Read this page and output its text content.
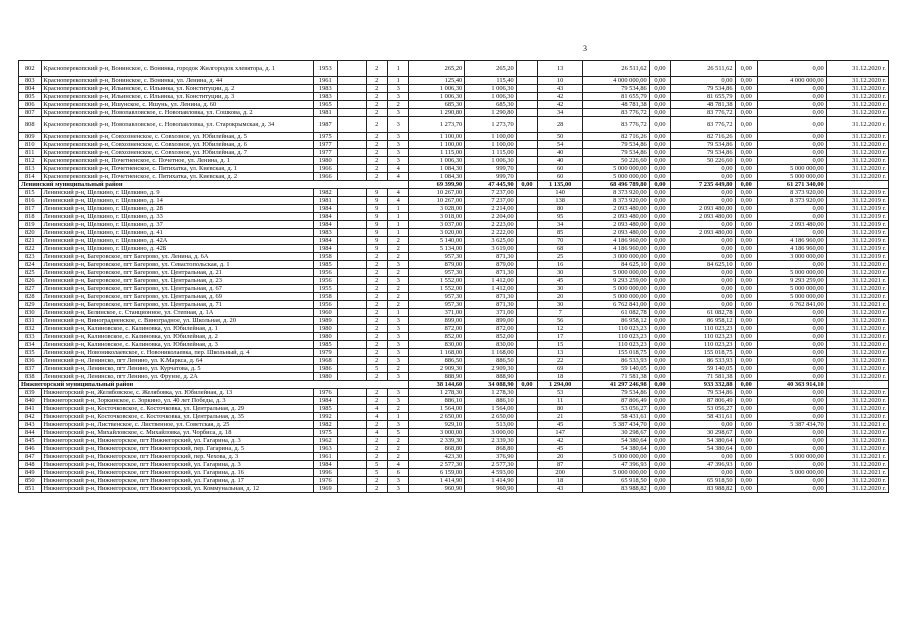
3
802	Красноперекопский р-н, Вонинское, с. Вонинка, городок Жилгородок хлевятора, д. 1	1953		2	1	265,20	265,20		13	26 511,62	0,00	26 511,62	0,00	0,00	31.12.2020 г.
803	Красноперекопский р-н, Вонинское, с. Вонинка, ул. Ленина, д. 44	1961		2	1	125,40	115,40		10	4 000 000,00	0,00	0,00	0,00	4 000 000,00	31.12.2020 г.
804	Красноперекопский р-н, Ильинское, с. Ильинка, ул. Конституции, д. 2	1983		2	3	1 006,30	1 006,30		43	79 534,86	0,00	79 534,86	0,00	0,00	31.12.2020 г.
805	Красноперекопский р-н, Ильинское, с. Ильинка, ул. Конституции, д. 3	1983		2	3	1 006,30	1 006,30		42	81 655,79	0,00	81 655,79	0,00	0,00	31.12.2020 г.
806	Красноперекопский р-н, Ишунское, с. Ишунь, ул. Ленина, д. 60	1965		2	2	685,30	685,30		42	48 781,38	0,00	48 781,38	0,00	0,00	31.12.2020 г.
807	Красноперекопский р-н, Новопавловское, с. Новопавловка, ул. Сошкова, д. 2	1981		2	3	1 290,80	1 290,80		34	83 776,72	0,00	83 776,72	0,00	0,00	31.12.2020 г.
808	Красноперекопский р-н, Новопавловское, с. Новопавловка, ул. Старокрымская, д. 34	1987		2	3	1 273,70	1 273,70		28	83 776,72	0,00	83 776,72	0,00	0,00	31.12.2020 г.
809	Красноперекопский р-н, Совхозненское, с. Совхозное, ул. Юбилейная, д. 5	1975		2	3	1 100,00	1 100,00		50	82 716,26	0,00	82 716,26	0,00	0,00	31.12.2020 г.
810	Красноперекопский р-н, Совхозненское, с. Совхозное, ул. Юбилейная, д. 6	1977		2	3	1 100,00	1 100,00		54	79 534,86	0,00	79 534,86	0,00	0,00	31.12.2020 г.
811	Красноперекопский р-н, Совхозненское, с. Совхозное, ул. Юбилейная, д. 7	1977		2	3	1 115,00	1 115,00		40	79 534,86	0,00	79 534,86	0,00	0,00	31.12.2020 г.
812	Красноперекопский р-н, Почетненское, с. Почетное, ул. Ленина, д. 1	1980		2	3	1 006,30	1 006,30		40	50 226,60	0,00	50 226,60	0,00	0,00	31.12.2020 г.
813	Красноперекопский р-н, Почетненское, с. Пятихатка, ул. Киевская, д. 1	1966		2	4	1 084,30	999,70		60	5 000 000,00	0,00	0,00	0,00	5 000 000,00	31.12.2020 г.
814	Красноперекопский р-н, Почетненское, с. Пятихатка, ул. Киевская, д. 2	1966		2	4	1 084,30	999,70		60	5 000 000,00	0,00	0,00	0,00	5 000 000,00	31.12.2020 г.
Ленинский муниципальный район						69 399,90	47 445,90	0,00	1 135,00	68 496 789,80	0,00	7 235 449,80	0,00	61 271 340,00	
815	Ленинский р-н, Щелкино, г. Щелкино, д. 9	1982		9	4	10 267,00	7 237,00		140	8 373 920,00	0,00	0,00	0,00	8 373 920,00	31.12.2019 г.
816	Ленинский р-н, Щелкино, г. Щелкино, д. 14	1981		9	4	10 267,00	7 237,00		138	8 373 920,00	0,00	0,00	0,00	8 373 920,00	31.12.2019 г.
817	Ленинский р-н, Щелкино, г. Щелкино, д. 28	1984		9	1	3 028,00	2 214,00		80	2 093 480,00	0,00	2 093 480,00	0,00	0,00	31.12.2019 г.
818	Ленинский р-н, Щелкино, г. Щелкино, д. 33	1984		9	1	3 018,00	2 204,00		95	2 093 480,00	0,00	2 093 480,00	0,00	0,00	31.12.2019 г.
819	Ленинский р-н, Щелкино, г. Щелкино, д. 37	1984		9	1	3 037,00	2 223,00		34	2 093 480,00	0,00	0,00	0,00	2 093 480,00	31.12.2019 г.
820	Ленинский р-н, Щелкино, г. Щелкино, д. 41	1983		9	1	3 020,00	2 222,00		85	2 093 480,00	0,00	2 093 480,00	0,00	0,00	31.12.2019 г.
821	Ленинский р-н, Щелкино, г. Щелкино, д. 42А	1984		9	2	5 140,00	3 625,00		70	4 186 960,00	0,00	0,00	0,00	4 186 960,00	31.12.2019 г.
822	Ленинский р-н, Щелкино, г. Щелкино, д. 42Б	1984		9	2	5 134,00	3 619,00		68	4 186 960,00	0,00	0,00	0,00	4 186 960,00	31.12.2019 г.
823	Ленинский р-н, Багеровское, пгт Багерово, ул. Ленина, д. 6А	1958		2	2	957,30	871,30		25	3 000 000,00	0,00	0,00	0,00	3 000 000,00	31.12.2019 г.
824	Ленинский р-н, Багеровское, пгт Багерово, ул. Севастопольская, д. 1	1985		2	3	879,00	879,00		16	84 625,10	0,00	84 625,10	0,00	0,00	31.12.2020 г.
825	Ленинский р-н, Багеровское, пгт Багерово, ул. Центральная, д. 21	1956		2	2	957,30	871,30		30	5 000 000,00	0,00	0,00	0,00	5 000 000,00	31.12.2020 г.
826	Ленинский р-н, Багеровское, пгт Багерово, ул. Центральная, д. 23	1956		2	3	1 552,00	1 412,00		45	9 293 259,00	0,00	0,00	0,00	9 293 259,00	31.12.2021 г.
827	Ленинский р-н, Багеровское, пгт Багерово, ул. Центральная, д. 67	1955		2	2	1 552,00	1 412,00		30	5 000 000,00	0,00	0,00	0,00	5 000 000,00	31.12.2020 г.
828	Ленинский р-н, Багеровское, пгт Багерово, ул. Центральная, д. 69	1958		2	2	957,30	871,30		20	5 000 000,00	0,00	0,00	0,00	5 000 000,00	31.12.2020 г.
829	Ленинский р-н, Багеровское, пгт Багерово, ул. Центральная, д. 71	1956		2	2	957,30	871,30		30	6 762 841,00	0,00	0,00	0,00	6 762 841,00	31.12.2021 г.
830	Ленинский р-н, Белинское, с. Станционное, ул. Степная, д. 1А	1960		2	1	371,00	371,00		7	61 082,78	0,00	61 082,78	0,00	0,00	31.12.2020 г.
831	Ленинский р-н, Виноградненское, с. Виноградное, ул. Школьная, д. 20	1989		2	3	899,00	899,00		56	86 958,12	0,00	86 958,12	0,00	0,00	31.12.2020 г.
832	Ленинский р-н, Калиновское, с. Калиновка, ул. Юбилейная, д. 1	1980		2	3	872,00	872,00		12	110 023,23	0,00	110 023,23	0,00	0,00	31.12.2020 г.
833	Ленинский р-н, Калиновское, с. Калиновка, ул. Юбилейная, д. 2	1980		2	3	852,00	852,00		17	110 023,23	0,00	110 023,23	0,00	0,00	31.12.2020 г.
834	Ленинский р-н, Калиновское, с. Калиновка, ул. Юбилейная, д. 3	1985		2	3	830,00	830,00		15	110 023,23	0,00	110 023,23	0,00	0,00	31.12.2020 г.
835	Ленинский р-н, Новониколаевское, с. Новониколаевка, пер. Школьный, д. 4	1979		2	3	1 168,00	1 168,00		13	155 018,75	0,00	155 018,75	0,00	0,00	31.12.2020 г.
836	Ленинский р-н, Ленинско, пгт Ленино, ул. К.Маркса, д. 64	1968		2	3	886,50	886,50		22	86 533,93	0,00	86 533,93	0,00	0,00	31.12.2020 г.
837	Ленинский р-н, Ленинско, пгт Ленино, ул. Курчатова, д. 5	1986		5	2	2 909,30	2 909,30		69	59 140,05	0,00	59 140,05	0,00	0,00	31.12.2020 г.
838	Ленинский р-н, Ленинско, пгт Ленино, ул. Фрунзе, д. 2А	1980		2	3	888,90	888,90		18	71 581,38	0,00	71 581,38	0,00	0,00	31.12.2020 г.
Нижнегорский муниципальный район						38 144,60	34 088,90	0,00	1 294,00	41 297 246,98	0,00	933 332,88	0,00	40 363 914,10	
839	Нижнегорский р-н, Желябовское, с. Желябовка, ул. Юбилейная, д. 13	1976		2	3	1 278,30	1 278,30		53	79 534,86	0,00	79 534,86	0,00	0,00	31.12.2020 г.
840	Нижнегорский р-н, Зоркинское, с. Зоркино, ул. 40 лет Победы, д. 3	1984		2	3	886,10	886,10		11	87 806,49	0,00	87 806,49	0,00	0,00	31.12.2020 г.
841	Нижнегорский р-н, Косточковское, с. Косточковка, ул. Центральная, д. 29	1985		4	2	1 564,00	1 564,00		80	53 056,27	0,00	53 056,27	0,00	0,00	31.12.2020 г.
842	Нижнегорский р-н, Косточковское, с. Косточковка, ул. Центральная, д. 35	1992		4	1	2 650,00	2 650,00		21	58 431,61	0,00	58 431,61	0,00	0,00	31.12.2020 г.
843	Нижнегорский р-н, Лиственское, с. Лиственное, ул. Советская, д. 25	1982		2	3	929,10	513,00		45	5 387 434,70	0,00	0,00	0,00	5 387 434,70	31.12.2021 г.
844	Нижнегорский р-н, Михайловское, с. Михайловка, ул. Чорбиса, д. 18	1975		4	5	3 000,00	3 000,00		147	30 298,67	0,00	30 298,67	0,00	0,00	31.12.2020 г.
845	Нижнегорский р-н, Нижнегорское, пгт Нижнегорский, ул. Гагарина, д. 3	1962		2	2	2 339,30	2 339,30		42	54 380,64	0,00	54 380,64	0,00	0,00	31.12.2020 г.
846	Нижнегорский р-н, Нижнегорское, пгт Нижнегорский, пер. Гагарина, д. 5	1963		2	2	868,80	868,80		45	54 380,64	0,00	54 380,64	0,00	0,00	31.12.2020 г.
847	Нижнегорский р-н, Нижнегорское, пгт Нижнегорский, пер. Чехова, д. 3	1961		2	2	423,30	376,90		20	5 000 000,00	0,00	0,00	0,00	5 000 000,00	31.12.2021 г.
848	Нижнегорский р-н, Нижнегорское, пгт Нижнегорский, ул. Гагарина, д. 3	1984		5	4	2 577,30	2 577,30		87	47 396,93	0,00	47 396,93	0,00	0,00	31.12.2020 г.
849	Нижнегорский р-н, Нижнегорское, пгт Нижнегорский, ул. Гагарина, д. 16	1996		5	6	6 159,00	4 593,00		200	5 000 000,00	0,00	0,00	0,00	5 000 000,00	31.12.2021 г.
850	Нижнегорский р-н, Нижнегорское, пгт Нижнегорский, ул. Гагарина, д. 17	1976		2	3	1 414,90	1 414,90		18	65 918,50	0,00	65 918,50	0,00	0,00	31.12.2020 г.
851	Нижнегорский р-н, Нижнегорское, пгт Нижнегорский, ул. Коммунальная, д. 12	1969		2	3	960,90	960,90		43	83 988,82	0,00	83 988,82	0,00	0,00	31.12.2020 г.
